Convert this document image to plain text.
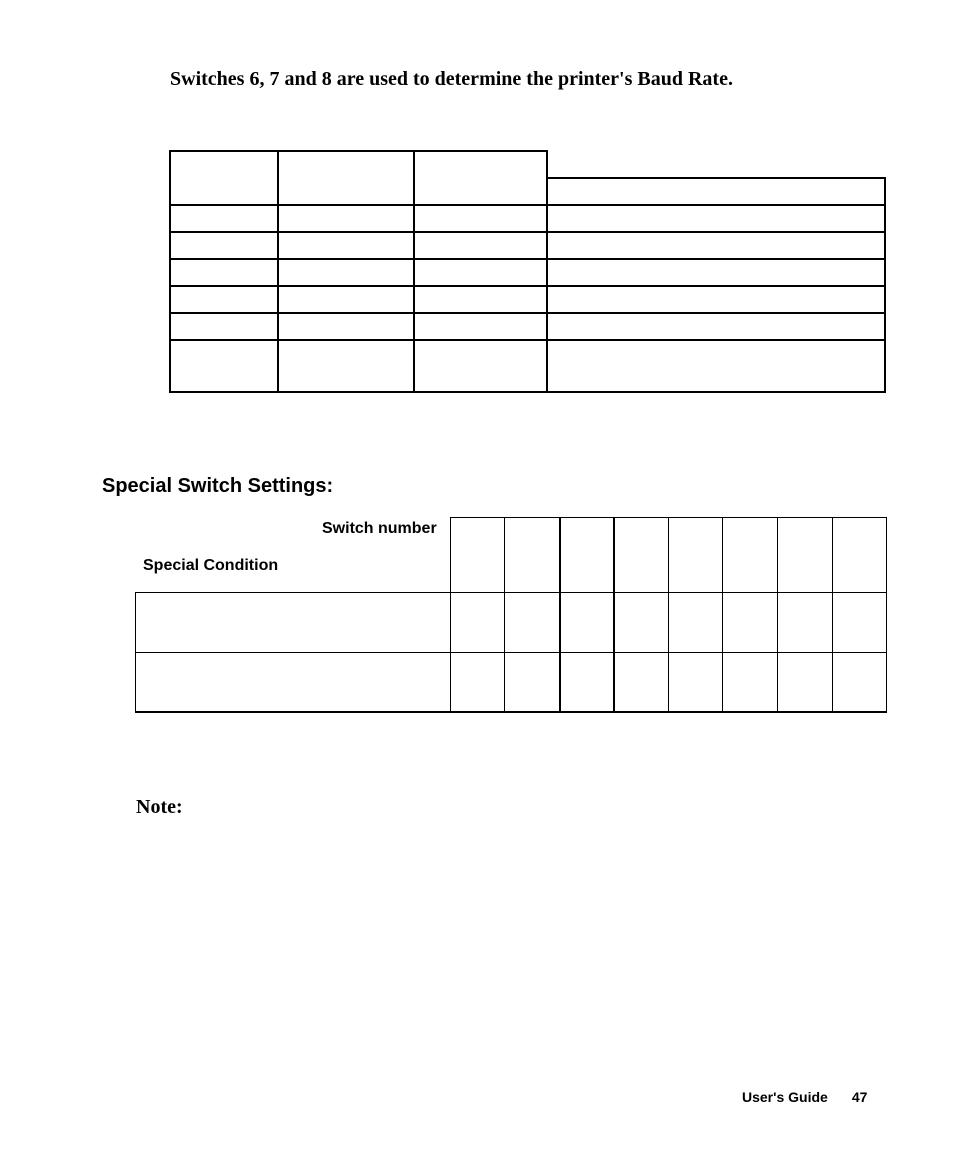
Switches 6, 7 and 8 are used to determine the printer's Baud Rate.
Special Switch Settings:
Switch number
Special Condition
Note:
User's Guide 47
